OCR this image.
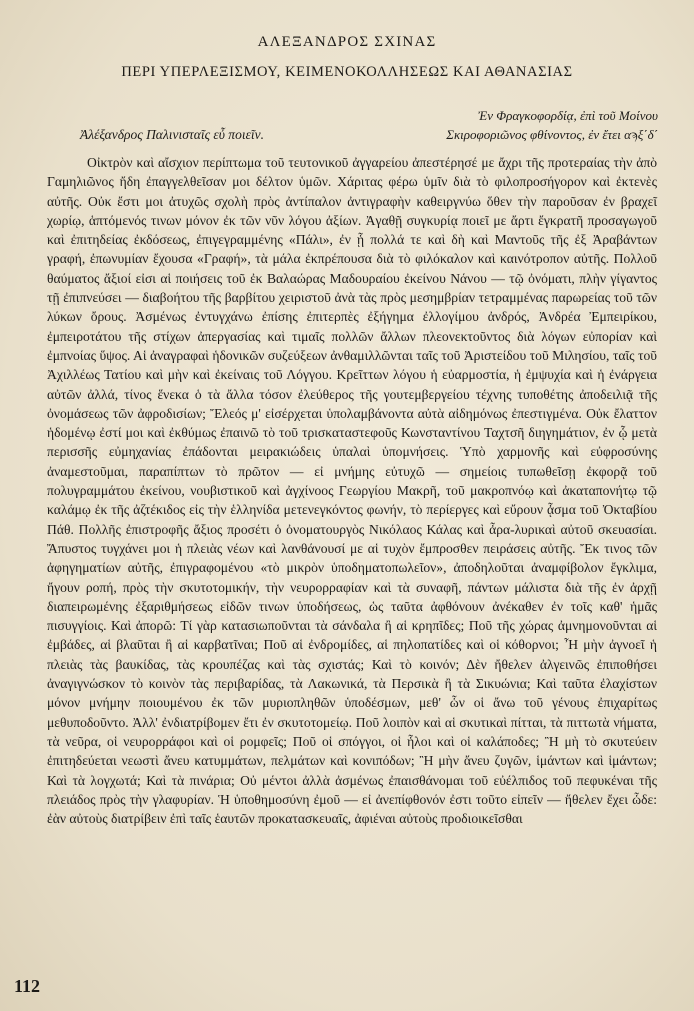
ΑΛΕΞΑΝΔΡΟΣ ΣΧΙΝΑΣ
ΠΕΡΙ ΥΠΕΡΛΕΞΙΣΜΟΥ, ΚΕΙΜΕΝΟΚΟΛΛΗΣΕΩΣ ΚΑΙ ΑΘΑΝΑΣΙΑΣ
Ἐν Φραγκοφορδίᾳ, ἐπὶ τοῦ Μοίνου
Σκιροφοριῶνος φθίνοντος, ἐν ἔτει αϡξ΄δ΄
Ἀλέξανδρος Παλινισταῖς εὖ ποιεῖν.

Οἰκτρὸν καὶ αἴσχιον περίπτωμα τοῦ τευτονικοῦ ἀγγαρείου ἀπεστέρησέ με ἄχρι τῆς προτεραίας τὴν ἀπὸ Γαμηλιῶνος ἤδη ἐπαγγελθεῖσαν μοι δέλτον ὑμῶν. Χάριτας φέρω ὑμῖν διὰ τὸ φιλοπροσήγορον καὶ ἐκτενὲς αὐτῆς. Οὐκ ἔστι μοι ἀτυχῶς σχολὴ πρὸς ἀντίπαλον ἀντιγραφὴν καθειργνύω ὅθεν τὴν παροῦσαν ἐν βραχεῖ χωρίῳ, ἁπτόμενός τινων μόνον ἐκ τῶν νῦν λόγου ἀξίων. Ἀγαθῇ συγκυρίᾳ ποιεῖ με ἄρτι ἔγκρατῆ προσαγωγοῦ καὶ ἐπιτηδείας ἐκδόσεως, ἐπιγεγραμμένης «Πάλι», ἐν ᾗ πολλά τε καὶ δὴ καὶ Μαντοῦς τῆς ἐξ Ἀραβάντων γραφή, ἐπωνυμίαν ἔχουσα «Γραφή», τὰ μάλα ἐκπρέπουσα διὰ τὸ φιλόκαλον καὶ καινότροπον αὐτῆς. Πολλοῦ θαύματος ἄξιοί εἰσι αἱ ποιήσεις τοῦ ἐκ Βαλαώρας Μαδουραίου ἐκείνου Νάνου — τῷ ὀνόματι, πλὴν γίγαντος τῇ ἐπιπνεύσει — διαβοήτου τῆς βαρβίτου χειριστοῦ ἀνὰ τὰς πρὸς μεσημβρίαν τετραμμένας παρωρείας τοῦ τῶν λύκων ὄρους. Ἀσμένως ἐντυγχάνω ἐπίσης ἐπιτερπὲς ἐξήγημα ἐλλογίμου ἀνδρός, Ἀνδρέα Ἐμπειρίκου, ἐμπειροτάτου τῆς στίχων ἀπεργασίας καὶ τιμαῖς πολλῶν ἄλλων πλεονεκτοῦντος διὰ λόγων εὐπορίαν καὶ ἐμπνοίας ὕψος. Αἱ ἀναγραφαὶ ἡδονικῶν συζεύξεων ἀνθαμιλλῶνται ταῖς τοῦ Ἀριστείδου τοῦ Μιλησίου, ταῖς τοῦ Ἀχιλλέως Τατίου καὶ μὴν καὶ ἐκείναις τοῦ Λόγγου. Κρεῖττων λόγου ἡ εὐαρμοστία, ἡ ἐμψυχία καὶ ἡ ἐνάργεια αὐτῶν ἀλλά, τίνος ἕνεκα ὁ τὰ ἄλλα τόσον ἐλεύθερος τῆς γουτεμβεργείου τέχνης τυποθέτης ἀποδειλιᾷ τῆς ὀνομάσεως τῶν ἀφροδισίων; Ἔλεός μ' εἰσέρχεται ὑπολαμβάνοντα αὐτὰ αἰδημόνως ἐπεστιγμένα. Οὐκ ἔλαττον ἡδομένῳ ἐστί μοι καὶ ἐκθύμως ἐπαινῶ τὸ τοῦ τρισκαταστεφοῦς Κωνσταντίνου Ταχτσῆ διηγημάτιον, ἐν ᾧ μετὰ περισσῆς εὐμηχανίας ἐπάδονται μειρακιώδεις ὑπαλαὶ ὑπομνήσεις. Ὑπὸ χαρμονῆς καὶ εὐφροσύνης ἀναμεστοῦμαι, παραπίπτων τὸ πρῶτον — εἰ μνήμης εὐτυχῶ — σημείοις τυπωθεῖσῃ ἐκφορᾷ τοῦ πολυγραμμάτου ἐκείνου, νουβιστικοῦ καὶ ἀγχίνοος Γεωργίου Μακρῆ, τοῦ μακροπνόῳ καὶ ἀκαταπονήτῳ τῷ καλάμῳ ἐκ τῆς ἀζτέκιδος εἰς τὴν ἑλληνίδα μετενεγκόντος φωνήν, τὸ περίεργες καὶ εὔρουν ᾆσμα τοῦ Ὀκταβίου Πάθ. Πολλῆς ἐπιστροφῆς ἄξιος προσέτι ὁ ὀνοματουργὸς Νικόλαος Κάλας καὶ ἆρα-λυρικαὶ αὐτοῦ σκευασίαι. Ἄπυστος τυγχάνει μοι ἡ πλειὰς νέων καὶ λανθάνουσί με αἱ τυχὸν ἔμπροσθεν πειράσεις αὐτῆς. Ἔκ τινος τῶν ἀφηγηματίων αὐτῆς, ἐπιγραφομένου «τὸ μικρὸν ὑποδηματοπωλεῖον», ἀποδηλοῦται ἀναμφίβολον ἔγκλιμα, ἤγουν ροπή, πρὸς τὴν σκυτοτομικήν, τὴν νευρορραφίαν καὶ τὰ συναφῆ, πάντων μάλιστα διὰ τῆς ἐν ἀρχῇ διαπειρωμένης ἐξαριθμήσεως εἰδῶν τινων ὑποδήσεως, ὡς ταῦτα ἀφθόνουν ἀνέκαθεν ἐν τοῖς καθ' ἡμᾶς πισυγγίοις. Καὶ ἀπορῶ: Τί γὰρ κατασιωποῦνται τὰ σάνδαλα ἢ αἱ κρηπῖδες; Ποῦ τῆς χώρας ἀμνημονοῦνται αἱ ἐμβάδες, αἱ βλαῦται ἢ αἱ καρβατῖναι; Ποῦ αἱ ἐνδρομίδες, αἱ πηλοπατίδες καὶ οἱ κόθορνοι; Ἦ μὴν ἀγνοεῖ ἡ πλειὰς τὰς βαυκίδας, τὰς κρουπέζας καὶ τὰς σχιστάς; Καὶ τὸ κοινόν; Δὲν ἤθελεν ἀλγεινῶς ἐπιποθήσει ἀναγιγνώσκον τὸ κοινὸν τὰς περιβαρίδας, τὰ Λακωνικά, τὰ Περσικὰ ἢ τὰ Σικυώνια; Καὶ ταῦτα ἐλαχίστων μόνον μνήμην ποιουμένου ἐκ τῶν μυριοπληθῶν ὑποδέσμων, μεθ' ὧν οἱ ἄνω τοῦ γένους ἐπιχαρίτως μεθυποδοῦντο. Ἀλλ' ἐνδιατρίβομεν ἔτι ἐν σκυτοτομείῳ. Ποῦ λοιπὸν καὶ αἱ σκυτικαὶ πίτται, τὰ πιττωτὰ νήματα, τὰ νεῦρα, οἱ νευρορράφοι καὶ οἱ ρομφεῖς; Ποῦ οἱ σπόγγοι, οἱ ἧλοι καὶ οἱ καλάποδες; Ἢ μὴ τὸ σκυτεύειν ἐπιτηδεύεται νεωστὶ ἄνευ κατυμμάτων, πελμάτων καὶ κονιπόδων; Ἢ μὴν ἄνευ ζυγῶν, ἱμάντων καὶ ἱμάντων; Καὶ τὰ λογχωτά; Καὶ τὰ πινάρια; Οὐ μέντοι ἀλλὰ ἀσμένως ἐπαισθάνομαι τοῦ εὐέλπιδος τοῦ πεφυκέναι τῆς πλειάδος πρὸς τὴν γλαφυρίαν. Ἡ ὑποθημοσύνη ἐμοῦ — εἰ ἀνεπίφθονόν ἐστι τοῦτο εἰπεῖν — ἤθελεν ἔχει ὧδε: ἐὰν αὐτοὺς διατρίβειν ἐπὶ ταῖς ἑαυτῶν προκατασκευαῖς, ἀφιέναι αὐτοὺς προδιοικεῖσθαι

112
